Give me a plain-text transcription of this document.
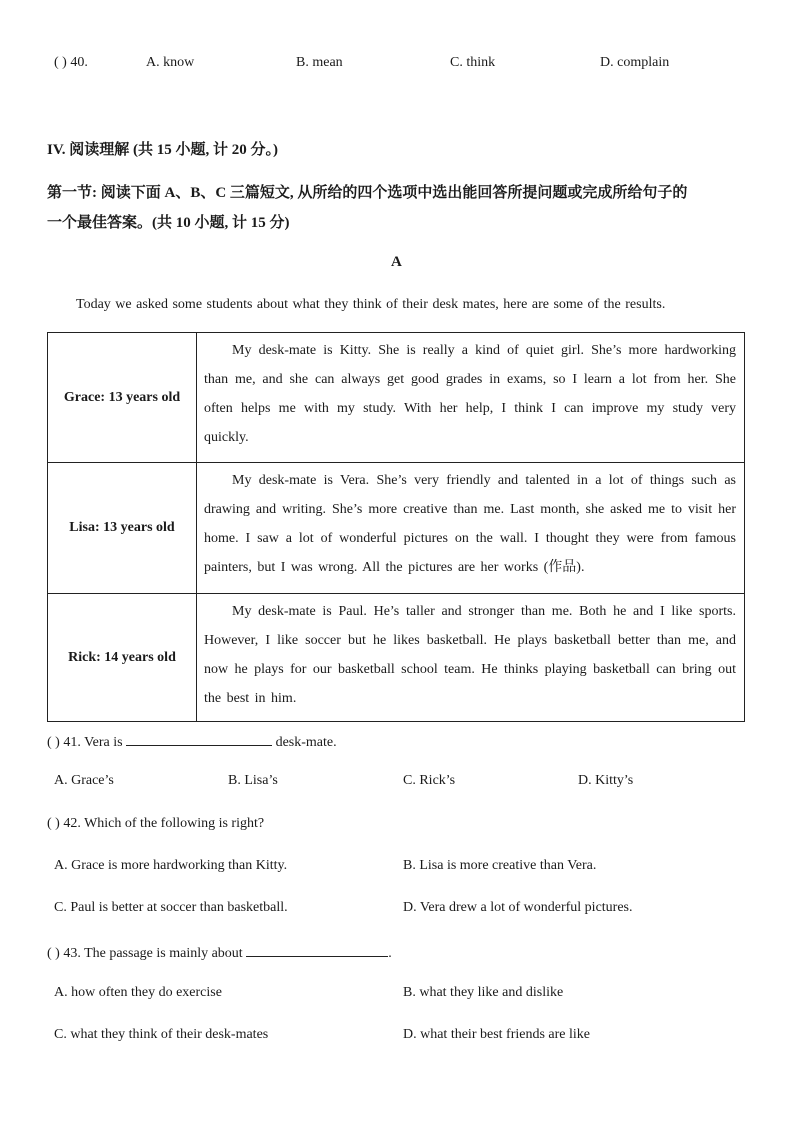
( ) 40.	A. know	B. mean	C. think	D. complain
IV. 阅读理解 (共 15 小题, 计 20 分。)
第一节: 阅读下面 A、B、C 三篇短文, 从所给的四个选项中选出能回答所提问题或完成所给句子的
一个最佳答案。(共 10 小题, 计 15 分)
A
Today we asked some students about what they think of their desk mates, here are some of the results.
Grace: 13 years old

My desk-mate is Kitty. She is really a kind of quiet girl. She’s more hardworking than me, and she can always get good grades in exams, so I learn a lot from her. She often helps me with my study. With her help, I think I can improve my study very quickly.

Lisa: 13 years old

My desk-mate is Vera. She’s very friendly and talented in a lot of things such as drawing and writing. She’s more creative than me. Last month, she asked me to visit her home. I saw a lot of wonderful pictures on the wall. I thought they were from famous painters, but I was wrong. All the pictures are her works (作品).

Rick: 14 years old

My desk-mate is Paul. He’s taller and stronger than me. Both he and I like sports. However, I like soccer but he likes basketball. He plays basketball better than me, and now he plays for our basketball school team. He thinks playing basketball can bring out the best in him.

( ) 41. Vera is	desk-mate.
A. Grace’s	B. Lisa’s	C. Rick’s	D. Kitty’s
( ) 42. Which of the following is right?
A. Grace is more hardworking than Kitty.	B. Lisa is more creative than Vera.
C. Paul is better at soccer than basketball.	D. Vera drew a lot of wonderful pictures.
( ) 43. The passage is mainly about	.
A. how often they do exercise	B. what they like and dislike
C. what they think of their desk-mates	D. what their best friends are like
